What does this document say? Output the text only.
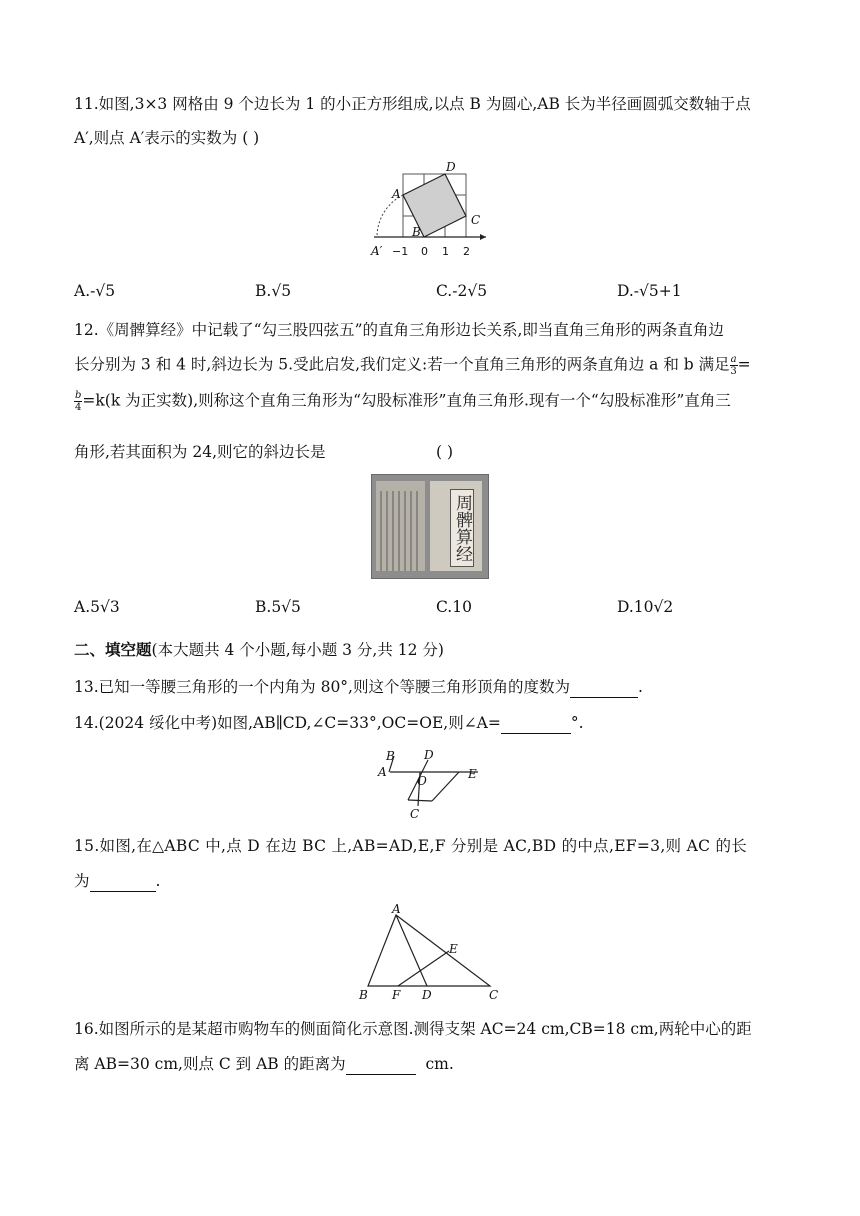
11.如图,3×3 网格由 9 个边长为 1 的小正方形组成,以点 B 为圆心,AB 长为半径画圆弧交数轴于点
A′,则点 A′表示的实数为 ( )
A
B
C
D
A′ −1 0 1 2
A.-√5	B.√5	C.-2√5	D.-√5+1
12.《周髀算经》中记载了“勾三股四弦五”的直角三角形边长关系,即当直角三角形的两条直角边
长分别为 3 和 4 时,斜边长为 5.受此启发,我们定义:若一个直角三角形的两条直角边 a 和 b 满足 $\frac{a}{3}$ =
$\frac{b}{4} =k(k$ 为正实数),则称这个直角三角形为“勾股标准形”直角三角形.现有一个“勾股标准形”直角三
角形,若其面积为 24,则它的斜边长是	( )
周髀算经
A.5√3	B.5√5	C.10	D.10√2
二、填空题(本大题共 4 个小题,每小题 3 分,共 12 分)
13.已知一等腰三角形的一个内角为 80°,则这个等腰三角形顶角的度数为	.
14.(2024 绥化中考)如图,AB∥CD,∠C=33°,OC=OE,则∠A=	°.
B
A
D
O	E
C
15.如图,在△ABC 中,点 D 在边 BC 上,AB=AD,E,F 分别是 AC,BD 的中点,EF=3,则 AC 的长
为	.
A
B F D
E
C
16.如图所示的是某超市购物车的侧面简化示意图.测得支架 AC=24 cm,CB=18 cm,两轮中心的距
离 AB=30 cm,则点 C 到 AB 的距离为	cm.
